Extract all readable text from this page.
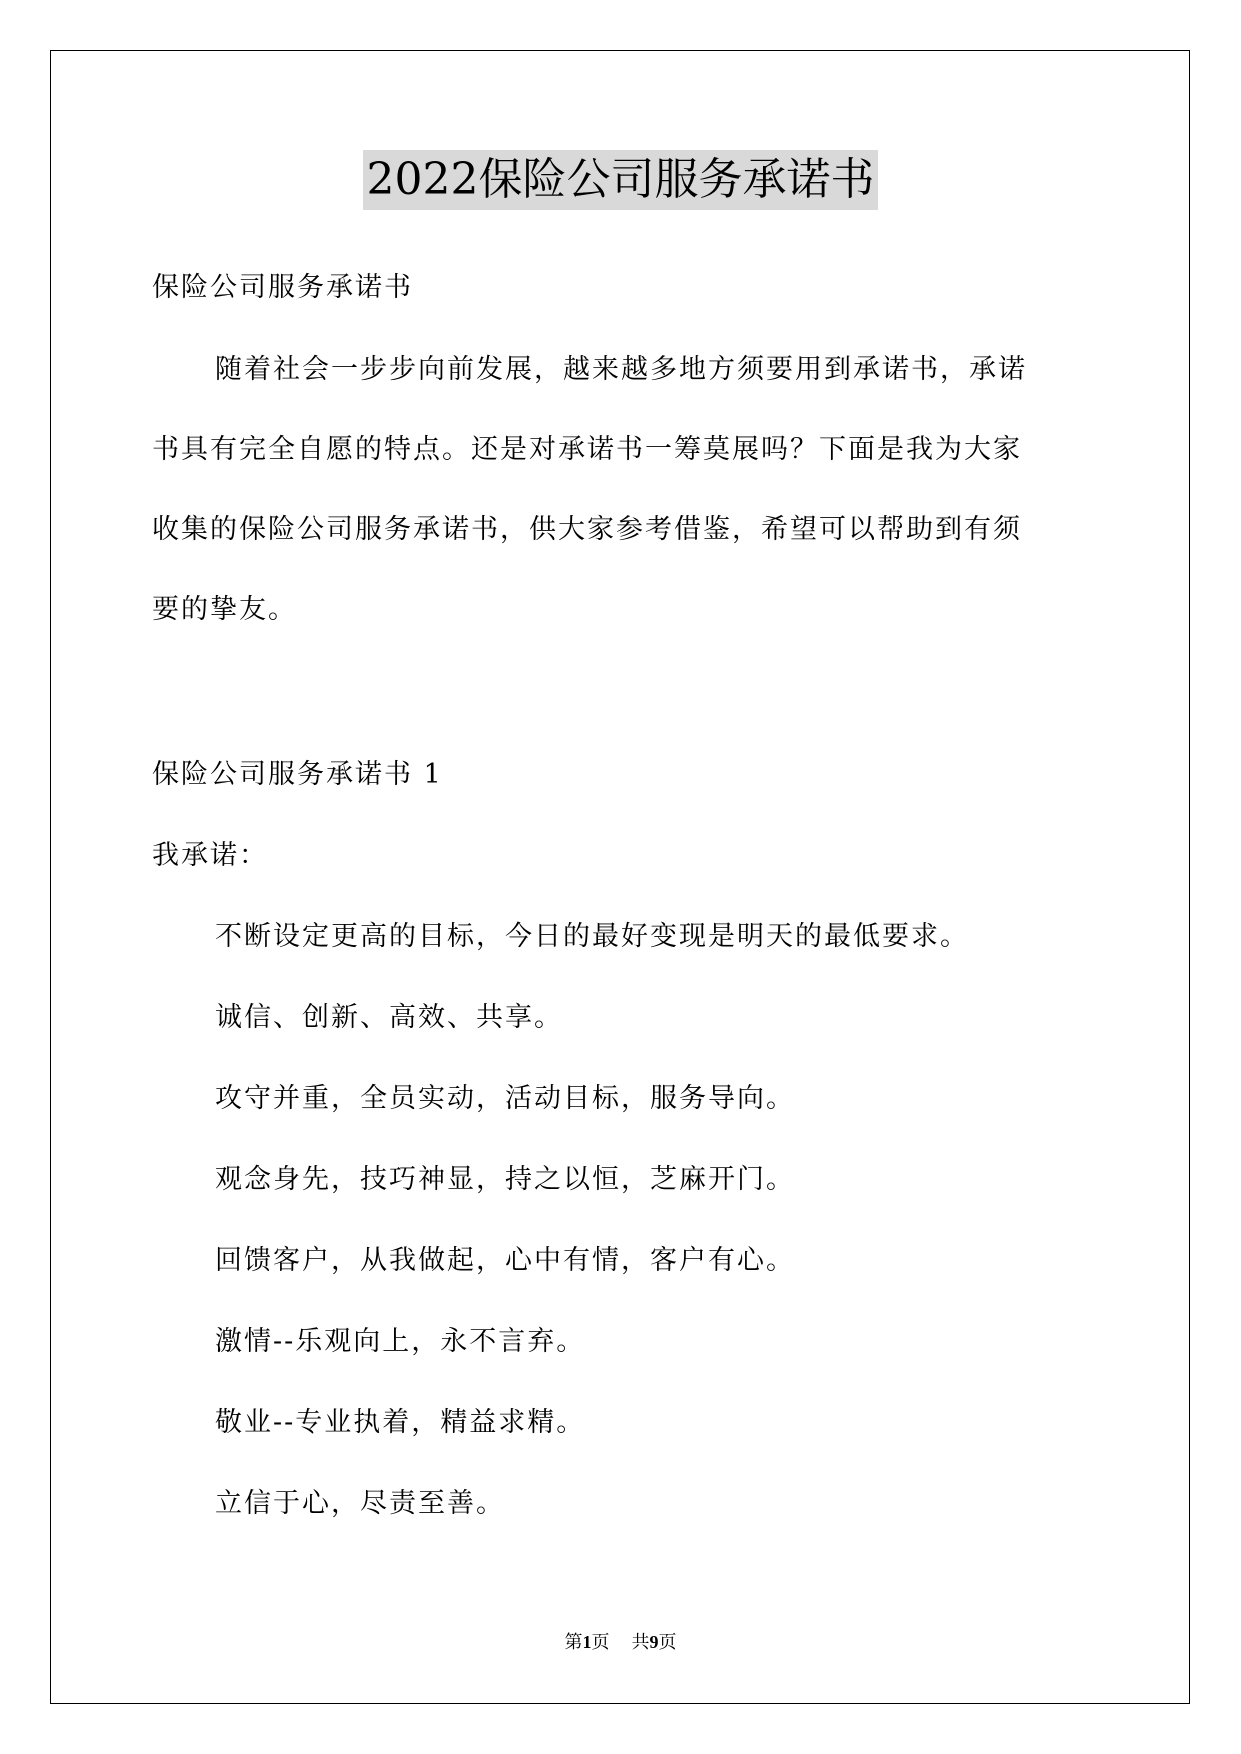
2022保险公司服务承诺书
保险公司服务承诺书
随着社会一步步向前发展，越来越多地方须要用到承诺书，承诺
书具有完全自愿的特点。还是对承诺书一筹莫展吗？下面是我为大家
收集的保险公司服务承诺书，供大家参考借鉴，希望可以帮助到有须
要的挚友。
保险公司服务承诺书 1
我承诺：
不断设定更高的目标，今日的最好变现是明天的最低要求。
诚信、创新、高效、共享。
攻守并重，全员实动，活动目标，服务导向。
观念身先，技巧神显，持之以恒，芝麻开门。
回馈客户，从我做起，心中有情，客户有心。
激情--乐观向上，永不言弃。
敬业--专业执着，精益求精。
立信于心，尽责至善。
第1页 共9页
